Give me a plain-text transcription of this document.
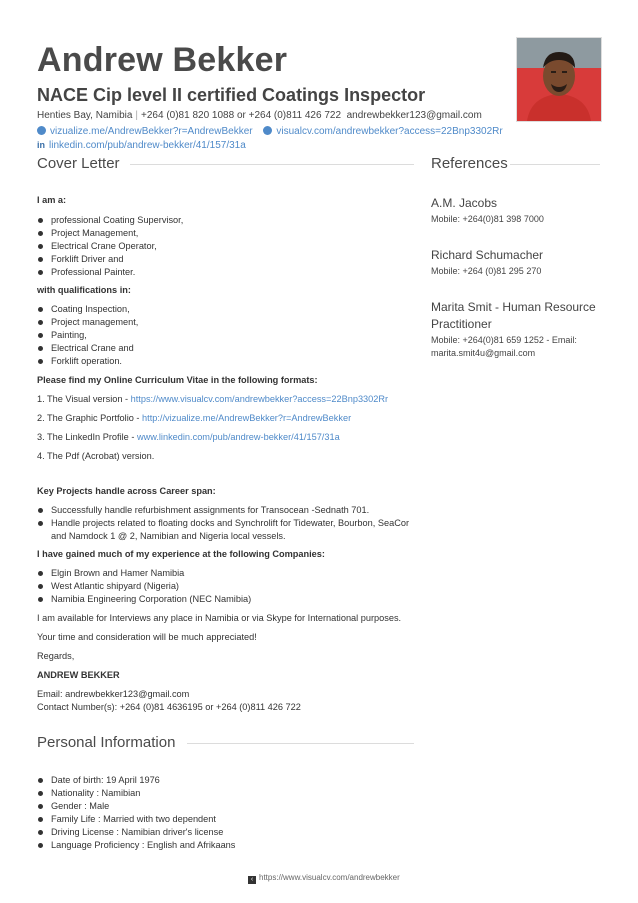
Andrew Bekker
NACE Cip level II certified Coatings Inspector
Henties Bay, Namibia | +264 (0)81 820 1088 or +264 (0)811 426 722 andrewbekker123@gmail.com
vizualize.me/AndrewBekker?r=AndrewBekker visualcv.com/andrewbekker?access=22Bnp3302Rr
in linkedin.com/pub/andrew-bekker/41/157/31a
Cover Letter	References
Personal Information

I am a:

professional Coating Supervisor,
Project Management,
Electrical Crane Operator,
Forklift Driver and
Professional Painter.

with qualifications in:

Coating Inspection,
Project management,
Painting,
Electrical Crane and
Forklift operation.

Please find my Online Curriculum Vitae in the following formats:

1. The Visual version - https://www.visualcv.com/andrewbekker?access=22Bnp3302Rr

2. The Graphic Portfolio - http://vizualize.me/AndrewBekker?r=AndrewBekker

3. The LinkedIn Profile - www.linkedin.com/pub/andrew-bekker/41/157/31a

4. The Pdf (Acrobat) version.

Key Projects handle across Career span:

Successfully handle refurbishment assignments for Transocean -Sednath 701.
Handle projects related to floating docks and Synchrolift for Tidewater, Bourbon, SeaCor and Namdock 1 @ 2, Namibian and Nigeria local vessels.

I have gained much of my experience at the following Companies:

Elgin Brown and Hamer Namibia
West Atlantic shipyard (Nigeria)
Namibia Engineering Corporation (NEC Namibia)

I am available for Interviews any place in Namibia or via Skype for International purposes.

Your time and consideration will be much appreciated!

Regards,

ANDREW BEKKER

Email: andrewbekker123@gmail.com

Contact Number(s): +264 (0)81 4636195 or +264 (0)811 426 722

Date of birth: 19 April 1976
Nationality : Namibian
Gender : Male
Family Life : Married with two dependent
Driving License : Namibian driver's license
Language Proficiency : English and Afrikaans
A.M. Jacobs
Mobile: +264(0)81 398 7000
Richard Schumacher
Mobile: +264 (0)81 295 270
Marita Smit - Human Resource Practitioner
Mobile: +264(0)81 659 1252 - Email: marita.smit4u@gmail.com
‹ https://www.visualcv.com/andrewbekker
